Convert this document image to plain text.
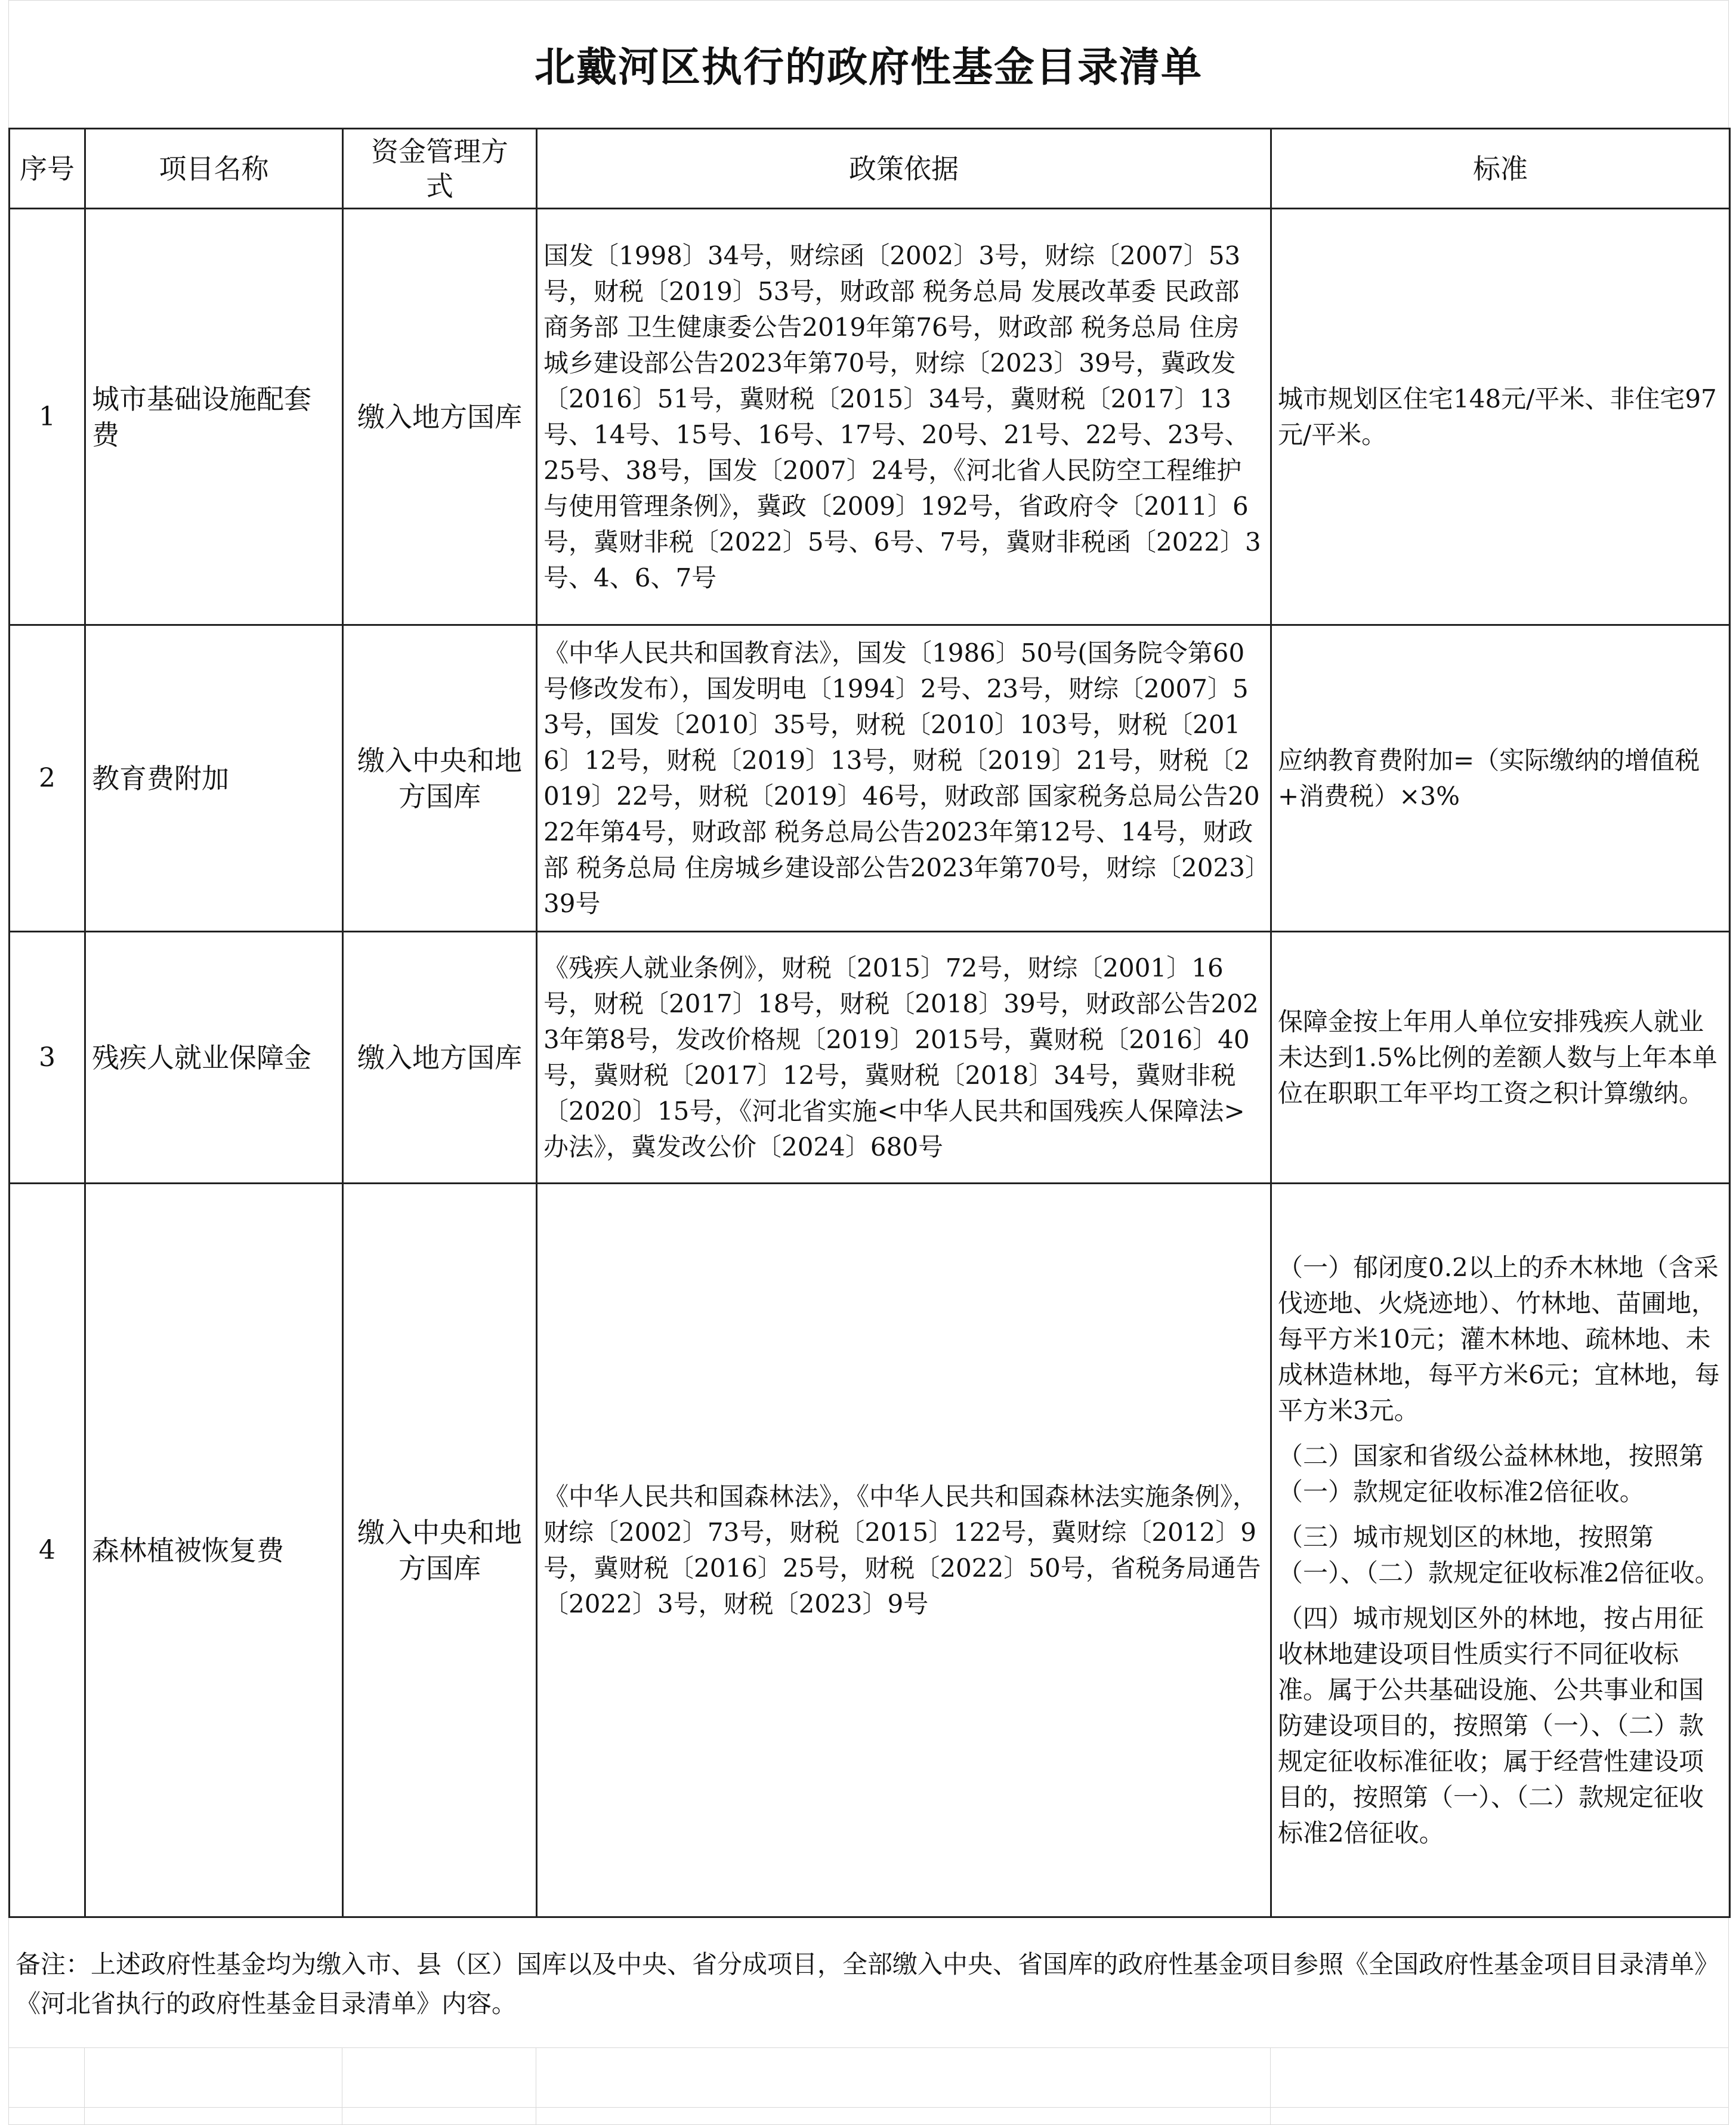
北戴河区执行的政府性基金目录清单
序号	项目名称	资金管理方式	政策依据	标准
1	城市基础设施配套费	缴入地方国库	国发〔1998〕34号，财综函〔2002〕3号，财综〔2007〕53号，财税〔2019〕53号，财政部 税务总局 发展改革委 民政部 商务部 卫生健康委公告2019年第76号，财政部 税务总局 住房城乡建设部公告2023年第70号，财综〔2023〕39号，冀政发〔2016〕51号，冀财税〔2015〕34号，冀财税〔2017〕13号、14号、15号、16号、17号、20号、21号、22号、23号、25号、38号，国发〔2007〕24号，《河北省人民防空工程维护与使用管理条例》，冀政〔2009〕192号，省政府令〔2011〕6号，冀财非税〔2022〕5号、6号、7号，冀财非税函〔2022〕3号、4、6、7号	城市规划区住宅148元/平米、非住宅97元/平米。

2	教育费附加	缴入中央和地方国库	《中华人民共和国教育法》，国发〔1986〕50号(国务院令第60号修改发布），国发明电〔1994〕2号、23号，财综〔2007〕53号，国发〔2010〕35号，财税〔2010〕103号，财税〔2016〕12号，财税〔2019〕13号，财税〔2019〕21号，财税〔2019〕22号，财税〔2019〕46号，财政部 国家税务总局公告2022年第4号，财政部 税务总局公告2023年第12号、14号，财政部 税务总局 住房城乡建设部公告2023年第70号，财综〔2023〕39号	应纳教育费附加=（实际缴纳的增值税+消费税）×3%

3	残疾人就业保障金	缴入地方国库	《残疾人就业条例》，财税〔2015〕72号，财综〔2001〕16号，财税〔2017〕18号，财税〔2018〕39号，财政部公告2023年第8号，发改价格规〔2019〕2015号，冀财税〔2016〕40号，冀财税〔2017〕12号，冀财税〔2018〕34号，冀财非税〔2020〕15号，《河北省实施<中华人民共和国残疾人保障法>办法》，冀发改公价〔2024〕680号	保障金按上年用人单位安排残疾人就业未达到1.5%比例的差额人数与上年本单位在职职工年平均工资之积计算缴纳。

4	森林植被恢复费	缴入中央和地方国库	《中华人民共和国森林法》，《中华人民共和国森林法实施条例》，财综〔2002〕73号，财税〔2015〕122号，冀财综〔2012〕9号，冀财税〔2016〕25号，财税〔2022〕50号，省税务局通告〔2022〕3号，财税〔2023〕9号	（一）郁闭度0.2以上的乔木林地（含采伐迹地、火烧迹地）、竹林地、苗圃地，每平方米10元；灌木林地、疏林地、未成林造林地，每平方米6元；宜林地，每平方米3元。

（二）国家和省级公益林林地，按照第（一）款规定征收标准2倍征收。

（三）城市规划区的林地，按照第（一）、（二）款规定征收标准2倍征收。

（四）城市规划区外的林地，按占用征收林地建设项目性质实行不同征收标准。属于公共基础设施、公共事业和国防建设项目的，按照第（一）、（二）款规定征收标准征收；属于经营性建设项目的，按照第（一）、（二）款规定征收标准2倍征收。

备注：上述政府性基金均为缴入市、县（区）国库以及中央、省分成项目，全部缴入中央、省国库的政府性基金项目参照《全国政府性基金项目目录清单》《河北省执行的政府性基金目录清单》内容。
